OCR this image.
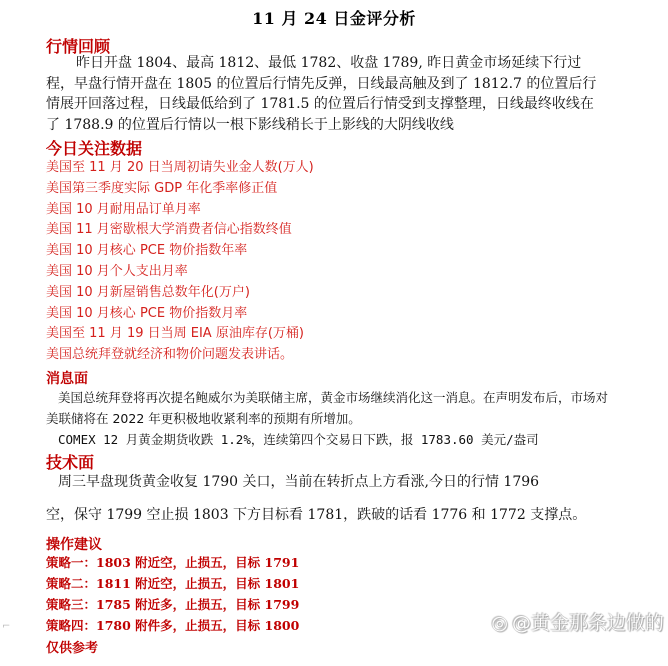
11 月 24 日金评分析
行情回顾
昨日开盘 1804、最高 1812、最低 1782、收盘 1789, 昨日黄金市场延续下行过程，早盘行情开盘在 1805 的位置后行情先反弹，日线最高触及到了 1812.7 的位置后行情展开回落过程，日线最低给到了 1781.5 的位置后行情受到支撑整理，日线最终收线在了 1788.9 的位置后行情以一根下影线稍长于上影线的大阴线收线
今日关注数据
美国至 11 月 20 日当周初请失业金人数(万人)
美国第三季度实际 GDP 年化季率修正值
美国 10 月耐用品订单月率
美国 11 月密歇根大学消费者信心指数终值
美国 10 月核心 PCE 物价指数年率
美国 10 月个人支出月率
美国 10 月新屋销售总数年化(万户)
美国 10 月核心 PCE 物价指数月率
美国至 11 月 19 日当周 EIA 原油库存(万桶)
美国总统拜登就经济和物价问题发表讲话。
消息面
美国总统拜登将再次提名鲍威尔为美联储主席，黄金市场继续消化这一消息。在声明发布后，市场对美联储将在 2022 年更积极地收紧利率的预期有所增加。
COMEX 12 月黄金期货收跌 1.2%，连续第四个交易日下跌，报 1783.60 美元/盎司
技术面
周三早盘现货黄金收复 1790 关口，当前在转折点上方看涨,今日的行情 1796
空，保守 1799 空止损 1803 下方目标看 1781，跌破的话看 1776 和 1772 支撑点。
操作建议
策略一：1803 附近空，止损五，目标 1791
策略二：1811 附近空，止损五，目标 1801
策略三：1785 附近多，止损五，目标 1799
策略四：1780 附件多，止损五，目标 1800
仅供参考
⌐	◎ @黄金那条边做的
